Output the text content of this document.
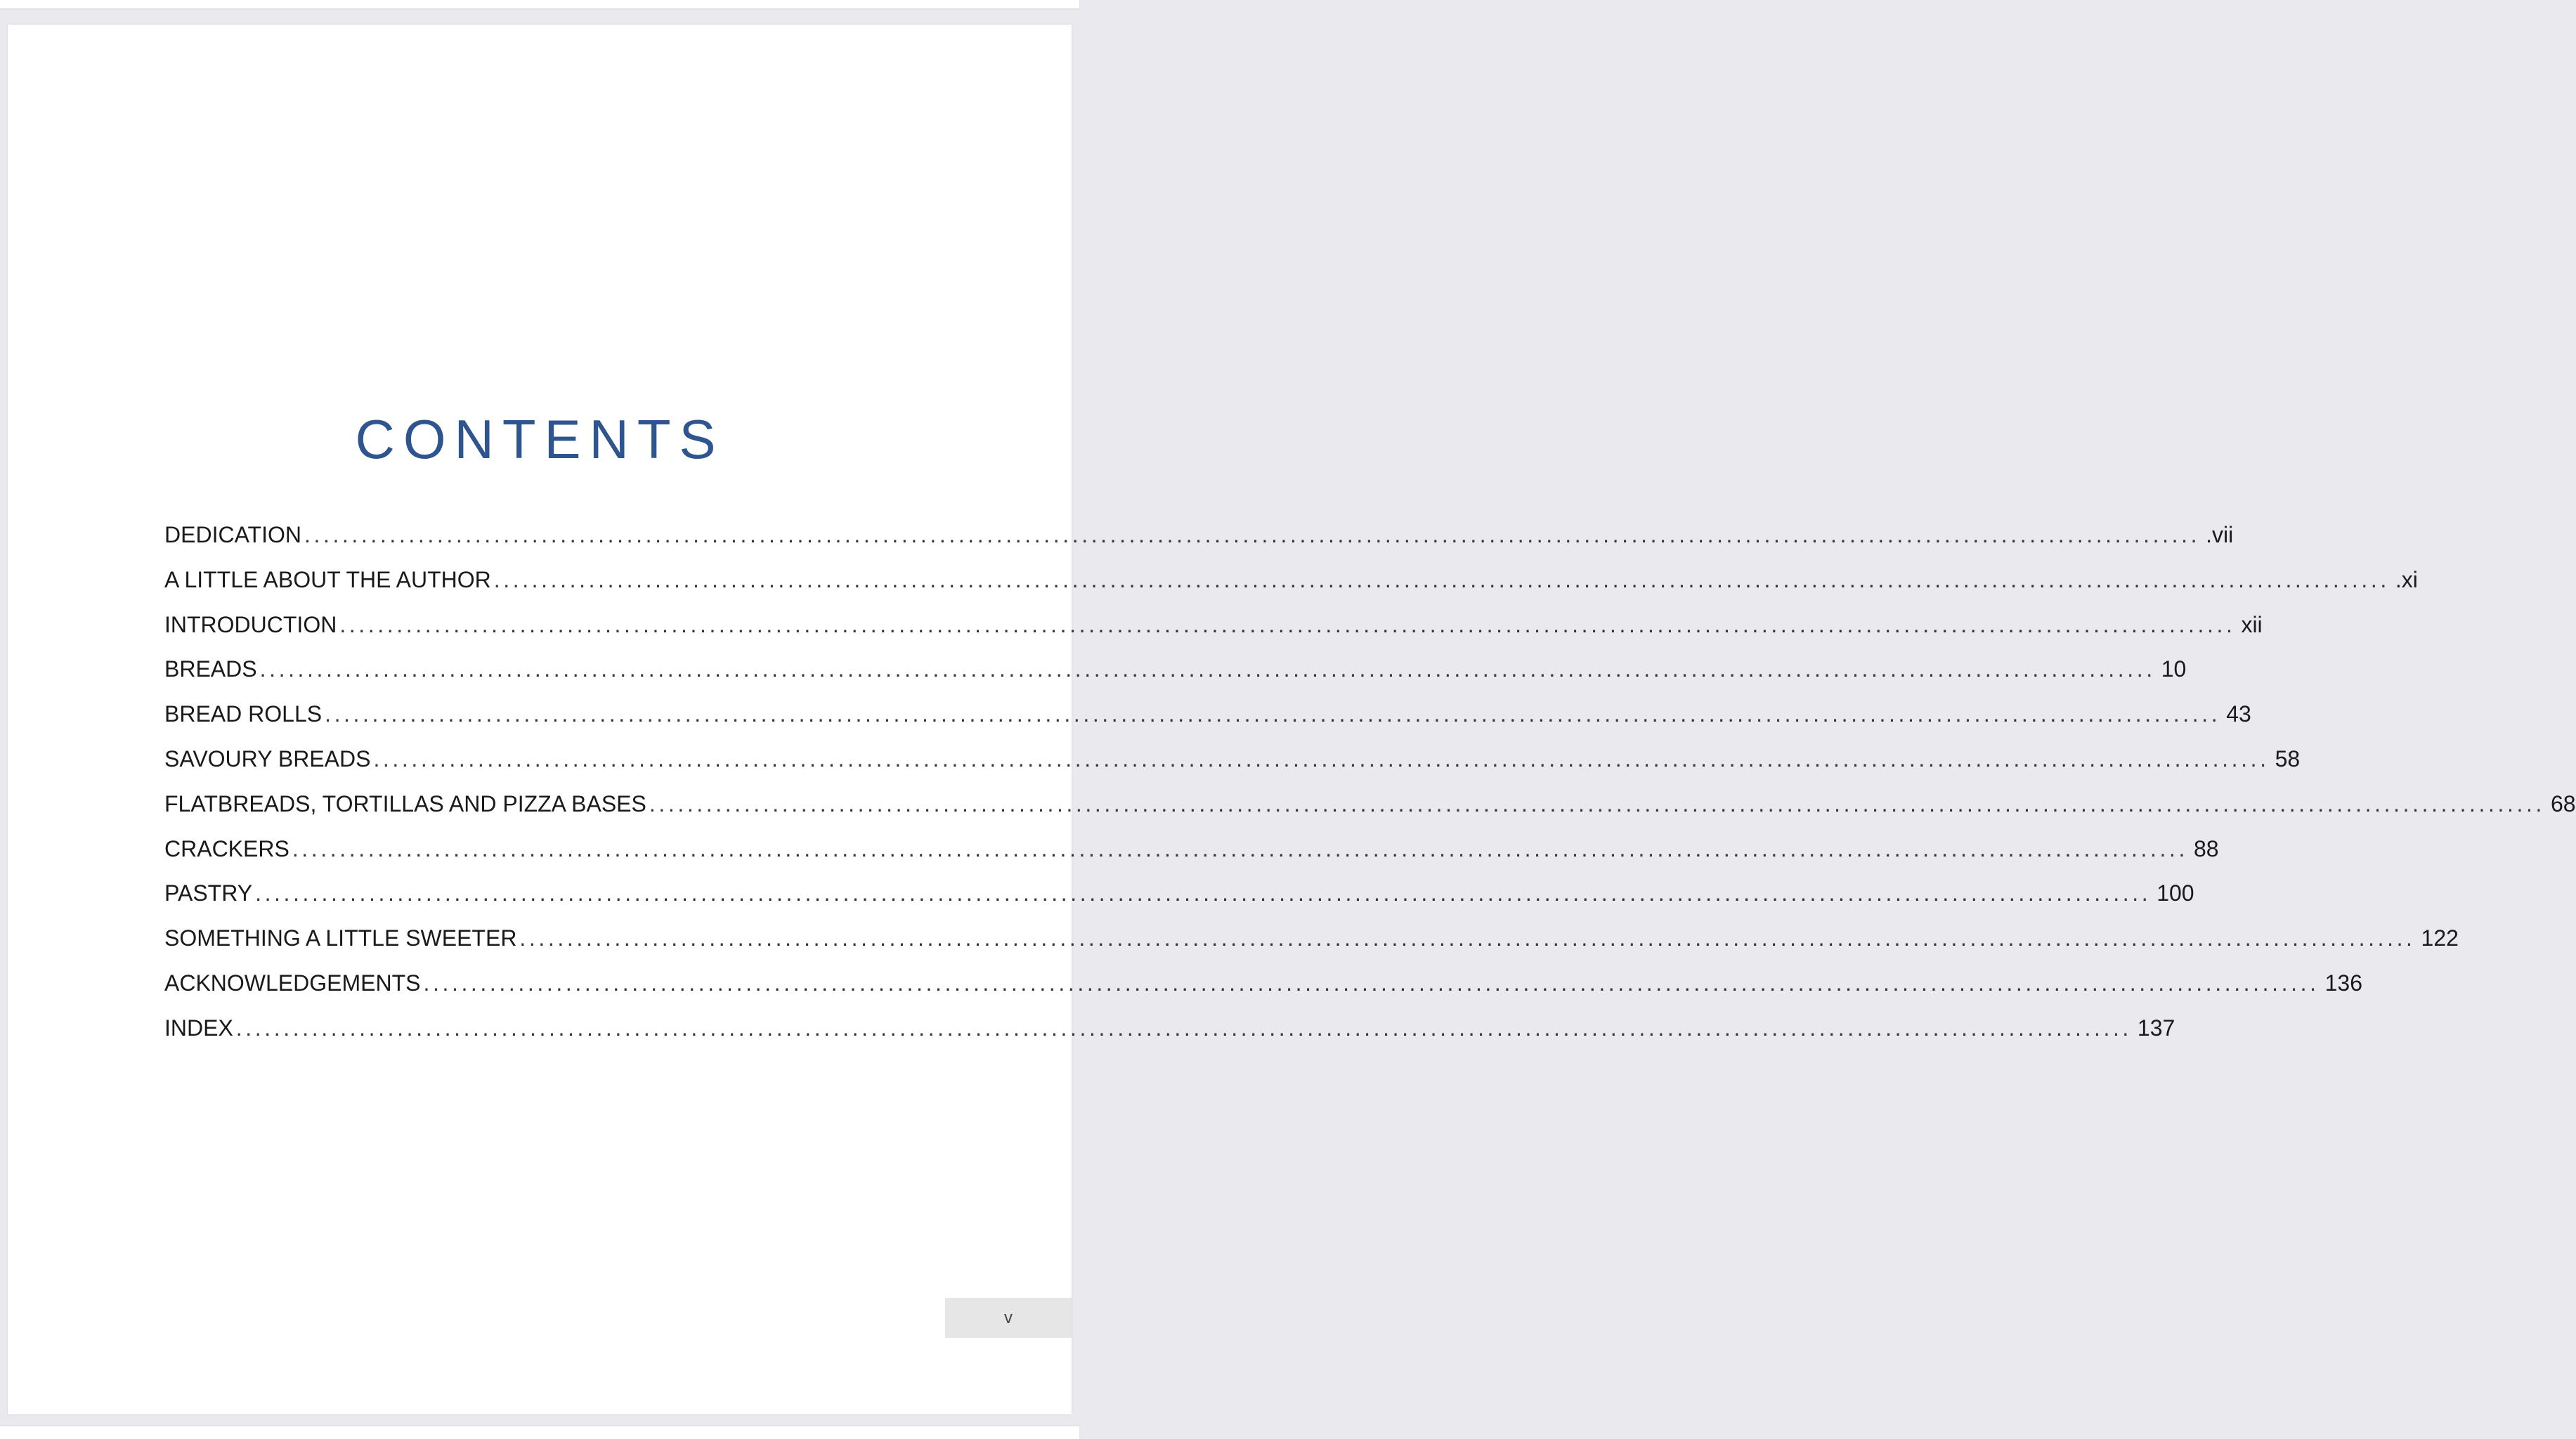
CONTENTS
DEDICATION ........................................................................................................................................................................................................ .vii
A LITTLE ABOUT THE AUTHOR ........................................................................................................................................................................................................ .xi
INTRODUCTION ........................................................................................................................................................................................................ xii
BREADS ........................................................................................................................................................................................................ 10
BREAD ROLLS ........................................................................................................................................................................................................ 43
SAVOURY BREADS ........................................................................................................................................................................................................ 58
FLATBREADS, TORTILLAS AND PIZZA BASES ........................................................................................................................................................................................................ 68
CRACKERS ........................................................................................................................................................................................................ 88
PASTRY ........................................................................................................................................................................................................ 100
SOMETHING A LITTLE SWEETER ........................................................................................................................................................................................................ 122
ACKNOWLEDGEMENTS ........................................................................................................................................................................................................ 136
INDEX ........................................................................................................................................................................................................ 137
v
